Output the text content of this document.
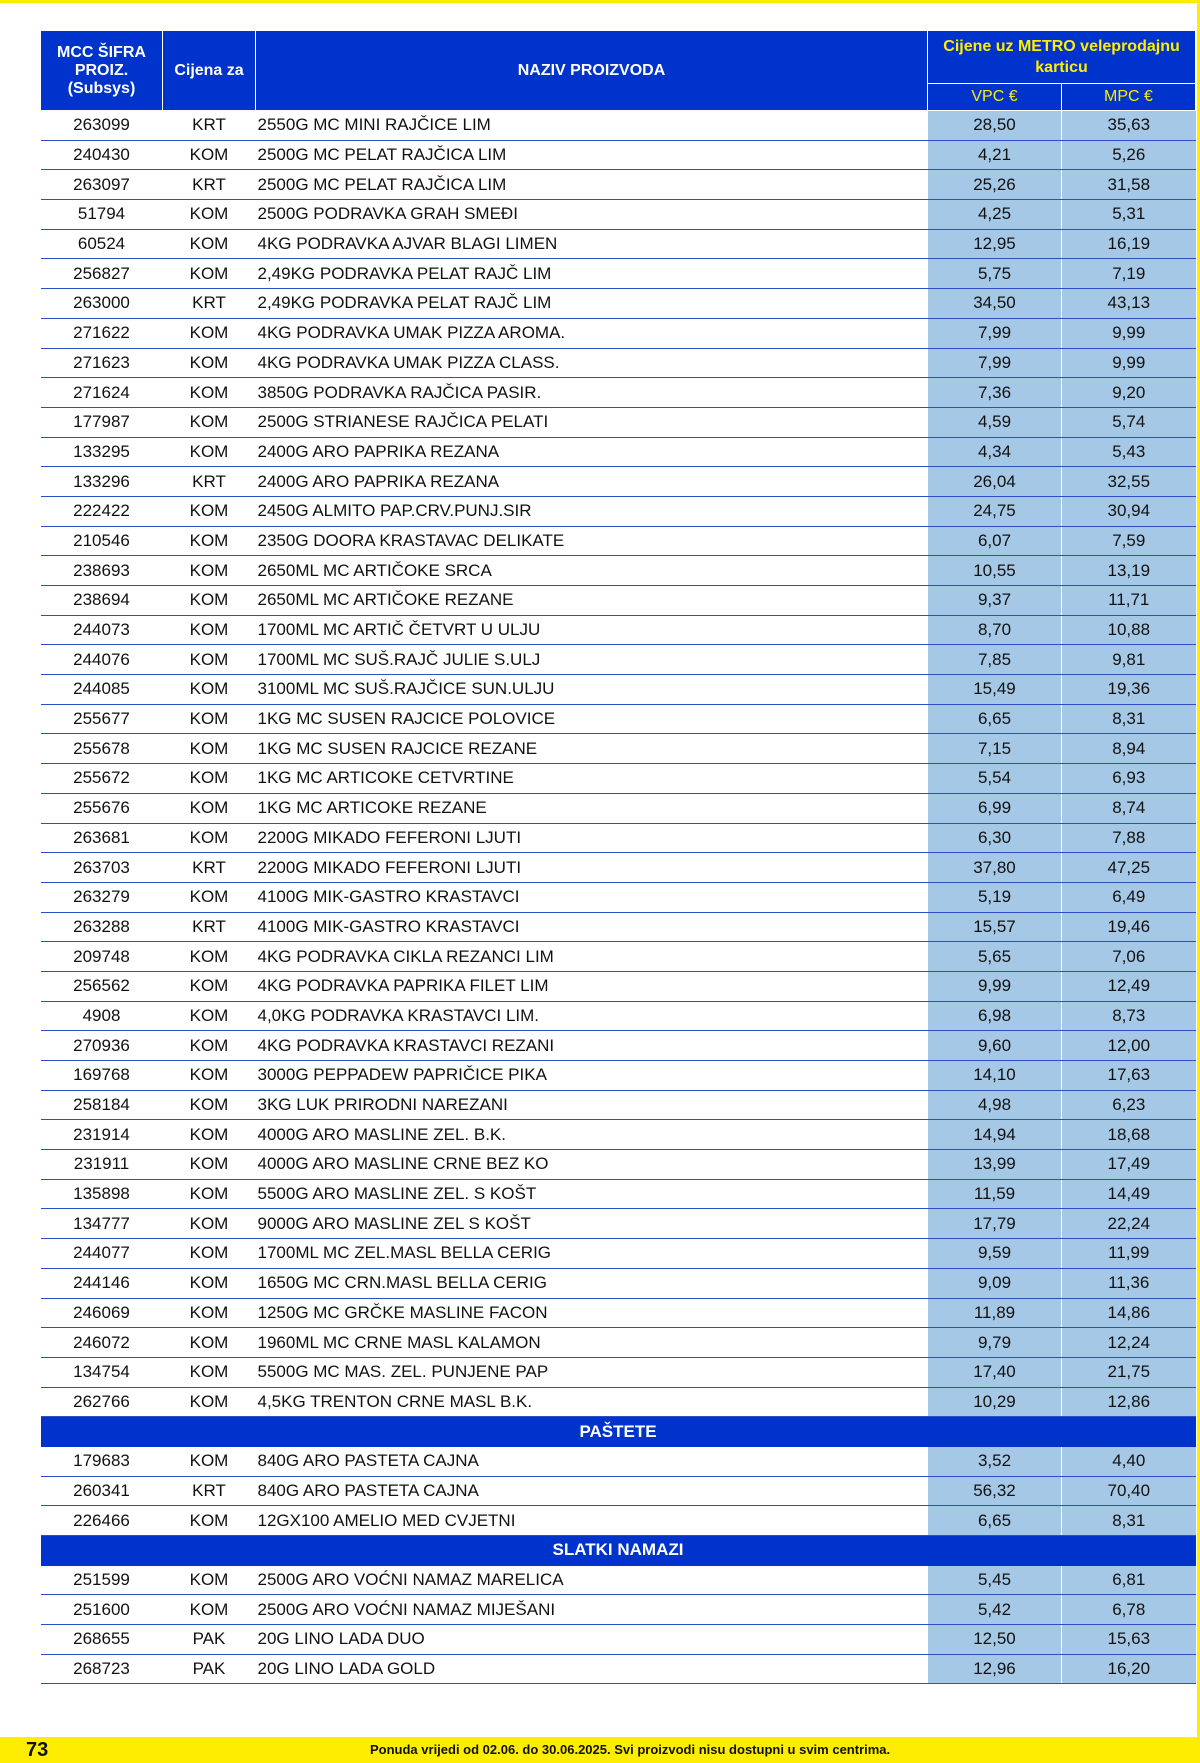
MCC ŠIFRA PROIZ. (Subsys)	Cijena za	NAZIV PROIZVODA	Cijene uz METRO veleprodajnu karticu	
			VPC €	MPC €
263099	KRT	2550G MC MINI RAJČICE LIM	28,50	35,63
240430	KOM	2500G MC PELAT RAJČICA LIM	4,21	5,26
263097	KRT	2500G MC PELAT RAJČICA LIM	25,26	31,58
51794	KOM	2500G PODRAVKA GRAH SMEĐI	4,25	5,31
60524	KOM	4KG PODRAVKA AJVAR BLAGI LIMEN	12,95	16,19
256827	KOM	2,49KG PODRAVKA PELAT RAJČ LIM	5,75	7,19
263000	KRT	2,49KG PODRAVKA PELAT RAJČ LIM	34,50	43,13
271622	KOM	4KG PODRAVKA UMAK PIZZA AROMA.	7,99	9,99
271623	KOM	4KG PODRAVKA UMAK PIZZA CLASS.	7,99	9,99
271624	KOM	3850G PODRAVKA RAJČICA PASIR.	7,36	9,20
177987	KOM	2500G STRIANESE RAJČICA PELATI	4,59	5,74
133295	KOM	2400G ARO PAPRIKA REZANA	4,34	5,43
133296	KRT	2400G ARO PAPRIKA REZANA	26,04	32,55
222422	KOM	2450G ALMITO PAP.CRV.PUNJ.SIR	24,75	30,94
210546	KOM	2350G DOORA KRASTAVAC DELIKATE	6,07	7,59
238693	KOM	2650ML MC ARTIČOKE SRCA	10,55	13,19
238694	KOM	2650ML MC ARTIČOKE REZANE	9,37	11,71
244073	KOM	1700ML MC ARTIČ ČETVRT U ULJU	8,70	10,88
244076	KOM	1700ML MC SUŠ.RAJČ JULIE S.ULJ	7,85	9,81
244085	KOM	3100ML MC SUŠ.RAJČICE SUN.ULJU	15,49	19,36
255677	KOM	1KG MC SUSEN RAJCICE POLOVICE	6,65	8,31
255678	KOM	1KG MC SUSEN RAJCICE REZANE	7,15	8,94
255672	KOM	1KG MC ARTICOKE CETVRTINE	5,54	6,93
255676	KOM	1KG MC ARTICOKE REZANE	6,99	8,74
263681	KOM	2200G MIKADO FEFERONI LJUTI	6,30	7,88
263703	KRT	2200G MIKADO FEFERONI LJUTI	37,80	47,25
263279	KOM	4100G MIK-GASTRO KRASTAVCI	5,19	6,49
263288	KRT	4100G MIK-GASTRO KRASTAVCI	15,57	19,46
209748	KOM	4KG PODRAVKA CIKLA REZANCI LIM	5,65	7,06
256562	KOM	4KG PODRAVKA PAPRIKA FILET LIM	9,99	12,49
4908	KOM	4,0KG PODRAVKA KRASTAVCI LIM.	6,98	8,73
270936	KOM	4KG PODRAVKA KRASTAVCI REZANI	9,60	12,00
169768	KOM	3000G PEPPADEW PAPRIČICE PIKA	14,10	17,63
258184	KOM	3KG LUK PRIRODNI NAREZANI	4,98	6,23
231914	KOM	4000G ARO MASLINE ZEL. B.K.	14,94	18,68
231911	KOM	4000G ARO MASLINE CRNE BEZ KO	13,99	17,49
135898	KOM	5500G ARO MASLINE ZEL. S KOŠT	11,59	14,49
134777	KOM	9000G ARO MASLINE ZEL S KOŠT	17,79	22,24
244077	KOM	1700ML MC ZEL.MASL BELLA CERIG	9,59	11,99
244146	KOM	1650G MC CRN.MASL BELLA CERIG	9,09	11,36
246069	KOM	1250G MC GRČKE MASLINE FACON	11,89	14,86
246072	KOM	1960ML MC CRNE MASL KALAMON	9,79	12,24
134754	KOM	5500G MC MAS. ZEL. PUNJENE PAP	17,40	21,75
262766	KOM	4,5KG TRENTON CRNE MASL B.K.	10,29	12,86
PAŠTETE				
179683	KOM	840G ARO PASTETA CAJNA	3,52	4,40
260341	KRT	840G ARO PASTETA CAJNA	56,32	70,40
226466	KOM	12GX100 AMELIO MED CVJETNI	6,65	8,31
SLATKI NAMAZI				
251599	KOM	2500G ARO VOĆNI NAMAZ MARELICA	5,45	6,81
251600	KOM	2500G ARO VOĆNI NAMAZ MIJEŠANI	5,42	6,78
268655	PAK	20G LINO LADA DUO	12,50	15,63
268723	PAK	20G LINO LADA GOLD	12,96	16,20
73	Ponuda vrijedi od 02.06. do 30.06.2025. Svi proizvodi nisu dostupni u svim centrima.
